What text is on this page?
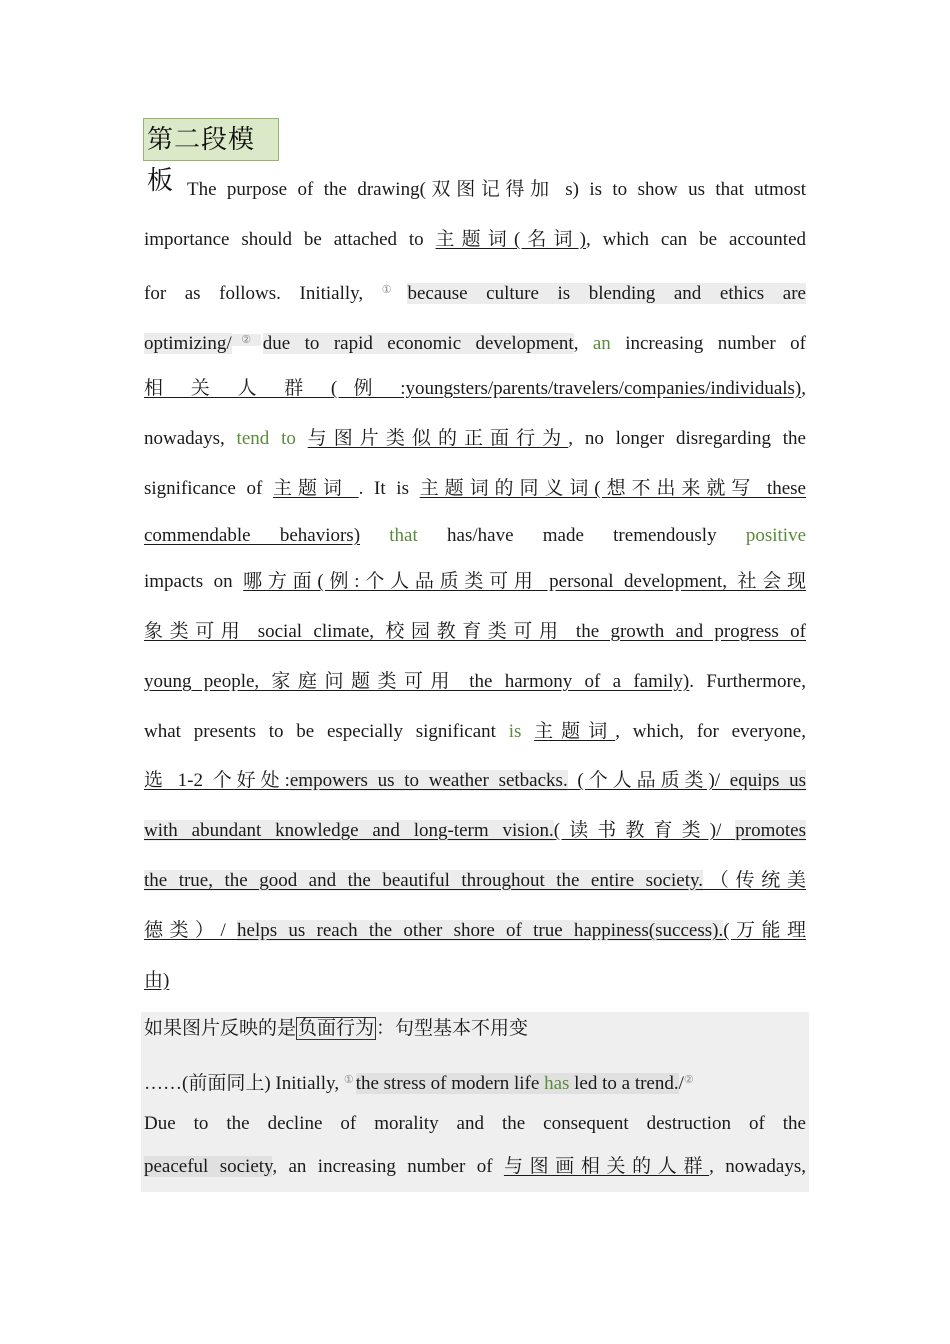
第二段模板 The purpose of the drawing(双图记得加 s) is to show us that utmost
importance should be attached to 主题词(名词), which can be accounted
for as follows. Initially, ① because culture is blending and ethics are
optimizing/② due to rapid economic development, an increasing number of
相 关 人 群 ( 例 :youngsters/parents/travelers/companies/individuals),
nowadays, tend to 与图片类似的正面行为, no longer disregarding the
significance of 主题词 . It is 主题词的同义词(想不出来就写 these
commendable behaviors) that has/have made tremendously positive
impacts on 哪方面(例:个人品质类可用 personal development, 社会现
象类可用 social climate, 校园教育类可用 the growth and progress of
young people, 家庭问题类可用 the harmony of a family). Furthermore,
what presents to be especially significant is 主题词, which, for everyone,
选 1-2 个好处:empowers us to weather setbacks. (个人品质类)/ equips us
with abundant knowledge and long-term vision.(读书教育类)/ promotes
the true, the good and the beautiful throughout the entire society.（传统美
德类）/ helps us reach the other shore of true happiness(success).(万能理
由)
如果图片反映的是 负面行为 ：句型基本不用变
……(前面同上) Initially, ① the stress of modern life has led to a trend./②
Due to the decline of morality and the consequent destruction of the
peaceful society, an increasing number of 与图画相关的人群, nowadays,
